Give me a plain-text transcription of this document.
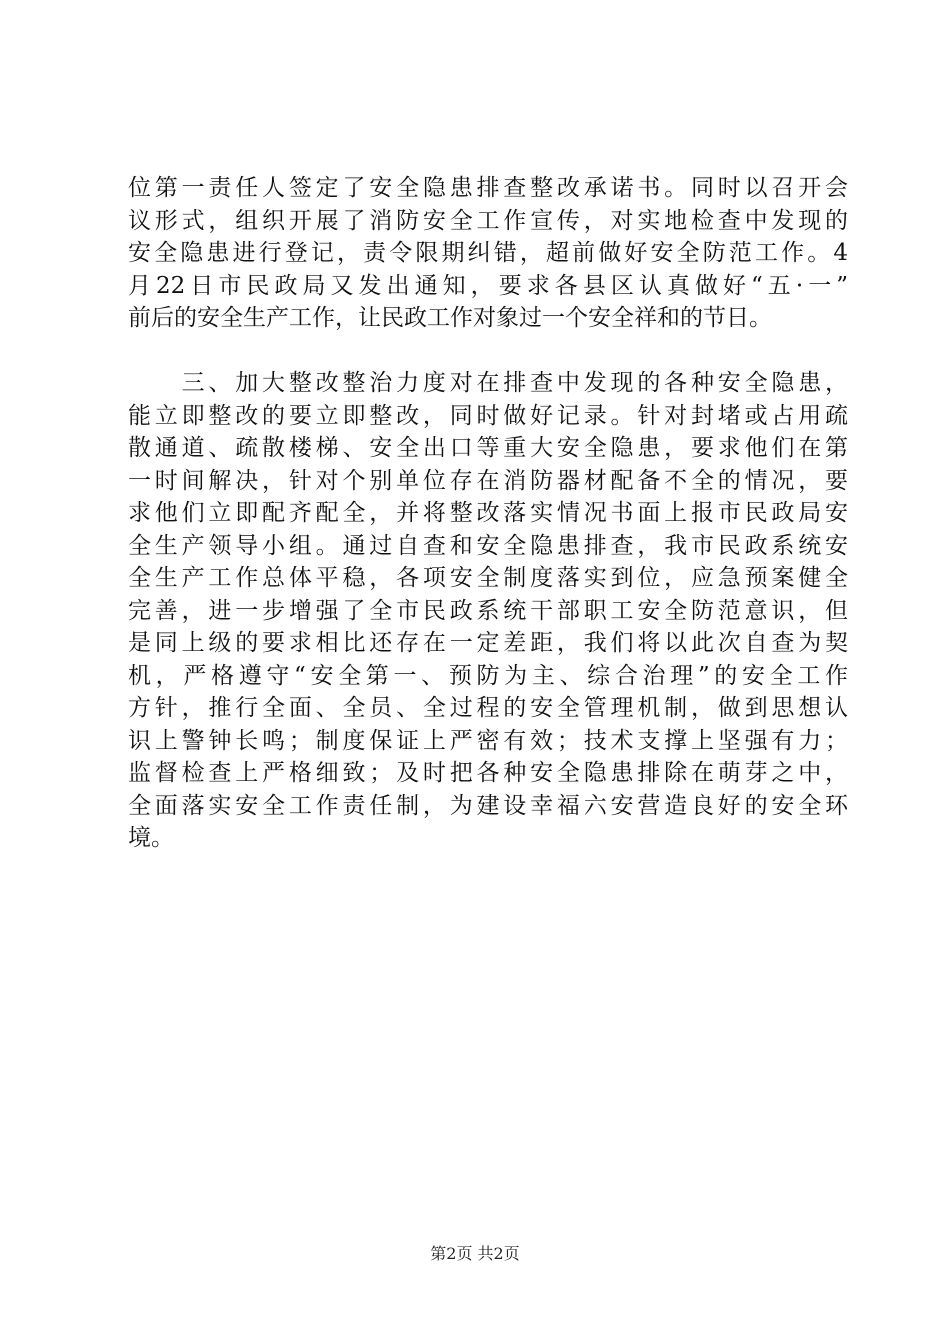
位第一责任人签定了安全隐患排查整改承诺书。同时以召开会
议形式，组织开展了消防安全工作宣传，对实地检查中发现的
安全隐患进行登记，责令限期纠错，超前做好安全防范工作。4
月22日市民政局又发出通知，要求各县区认真做好“五·一”
前后的安全生产工作，让民政工作对象过一个安全祥和的节日。
　　三、加大整改整治力度对在排查中发现的各种安全隐患，
能立即整改的要立即整改，同时做好记录。针对封堵或占用疏
散通道、疏散楼梯、安全出口等重大安全隐患，要求他们在第
一时间解决，针对个别单位存在消防器材配备不全的情况，要
求他们立即配齐配全，并将整改落实情况书面上报市民政局安
全生产领导小组。通过自查和安全隐患排查，我市民政系统安
全生产工作总体平稳，各项安全制度落实到位，应急预案健全
完善，进一步增强了全市民政系统干部职工安全防范意识，但
是同上级的要求相比还存在一定差距，我们将以此次自查为契
机，严格遵守“安全第一、预防为主、综合治理”的安全工作
方针，推行全面、全员、全过程的安全管理机制，做到思想认
识上警钟长鸣；制度保证上严密有效；技术支撑上坚强有力；
监督检查上严格细致；及时把各种安全隐患排除在萌芽之中，
全面落实安全工作责任制，为建设幸福六安营造良好的安全环
境。
第2页 共2页
